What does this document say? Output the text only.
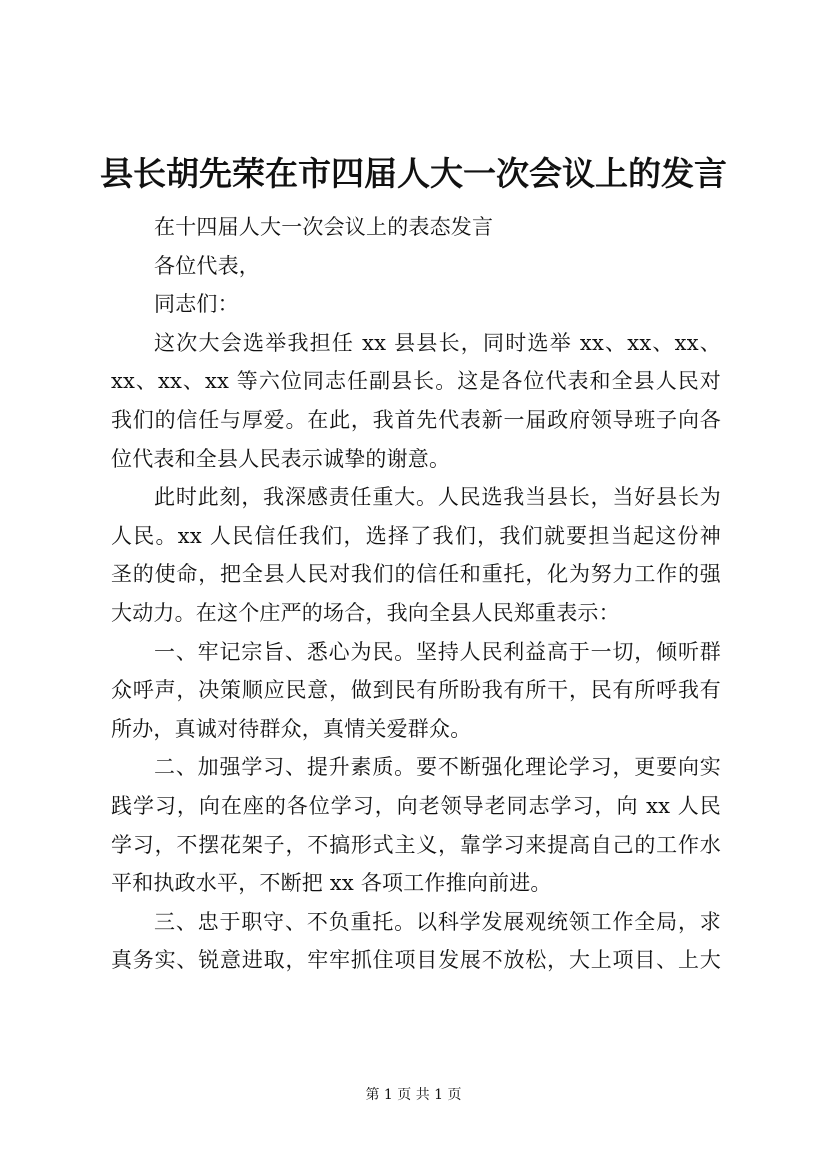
县长胡先荣在市四届人大一次会议上的发言
在十四届人大一次会议上的表态发言
各位代表，
同志们：
这次大会选举我担任 xx 县县长，同时选举 xx、xx、xx、
xx、xx、xx 等六位同志任副县长。这是各位代表和全县人民对
我们的信任与厚爱。在此，我首先代表新一届政府领导班子向各
位代表和全县人民表示诚挚的谢意。
此时此刻，我深感责任重大。人民选我当县长，当好县长为
人民。xx 人民信任我们，选择了我们，我们就要担当起这份神
圣的使命，把全县人民对我们的信任和重托，化为努力工作的强
大动力。在这个庄严的场合，我向全县人民郑重表示：
一、牢记宗旨、悉心为民。坚持人民利益高于一切，倾听群
众呼声，决策顺应民意，做到民有所盼我有所干，民有所呼我有
所办，真诚对待群众，真情关爱群众。
二、加强学习、提升素质。要不断强化理论学习，更要向实
践学习，向在座的各位学习，向老领导老同志学习，向 xx 人民
学习，不摆花架子，不搞形式主义，靠学习来提高自己的工作水
平和执政水平，不断把 xx 各项工作推向前进。
三、忠于职守、不负重托。以科学发展观统领工作全局，求
真务实、锐意进取，牢牢抓住项目发展不放松，大上项目、上大
第 1 页 共 1 页
